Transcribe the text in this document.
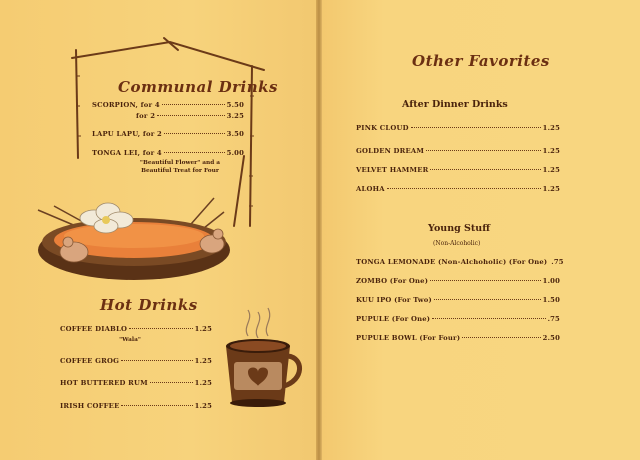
Communal Drinks
SCORPION, for 4	5.50
for 2	3.25
LAPU LAPU, for 2	3.50
TONGA LEI, for 4	5.00
"Beautiful Flower" and a
Beautiful Treat for Four
Hot Drinks
COFFEE DIABLO	1.25
"Wala"
COFFEE GROG	1.25
HOT BUTTERED RUM	1.25
IRISH COFFEE	1.25
Other Favorites
After Dinner Drinks
PINK CLOUD	1.25
GOLDEN DREAM	1.25
VELVET HAMMER	1.25
ALOHA	1.25
Young Stuff
(Non-Alcoholic)
TONGA LEMONADE (Non-Alchoholic) (For One) .75
ZOMBO (For One)	1.00
KUU IPO (For Two)	1.50
PUPULE (For One)	.75
PUPULE BOWL (For Four)	2.50
